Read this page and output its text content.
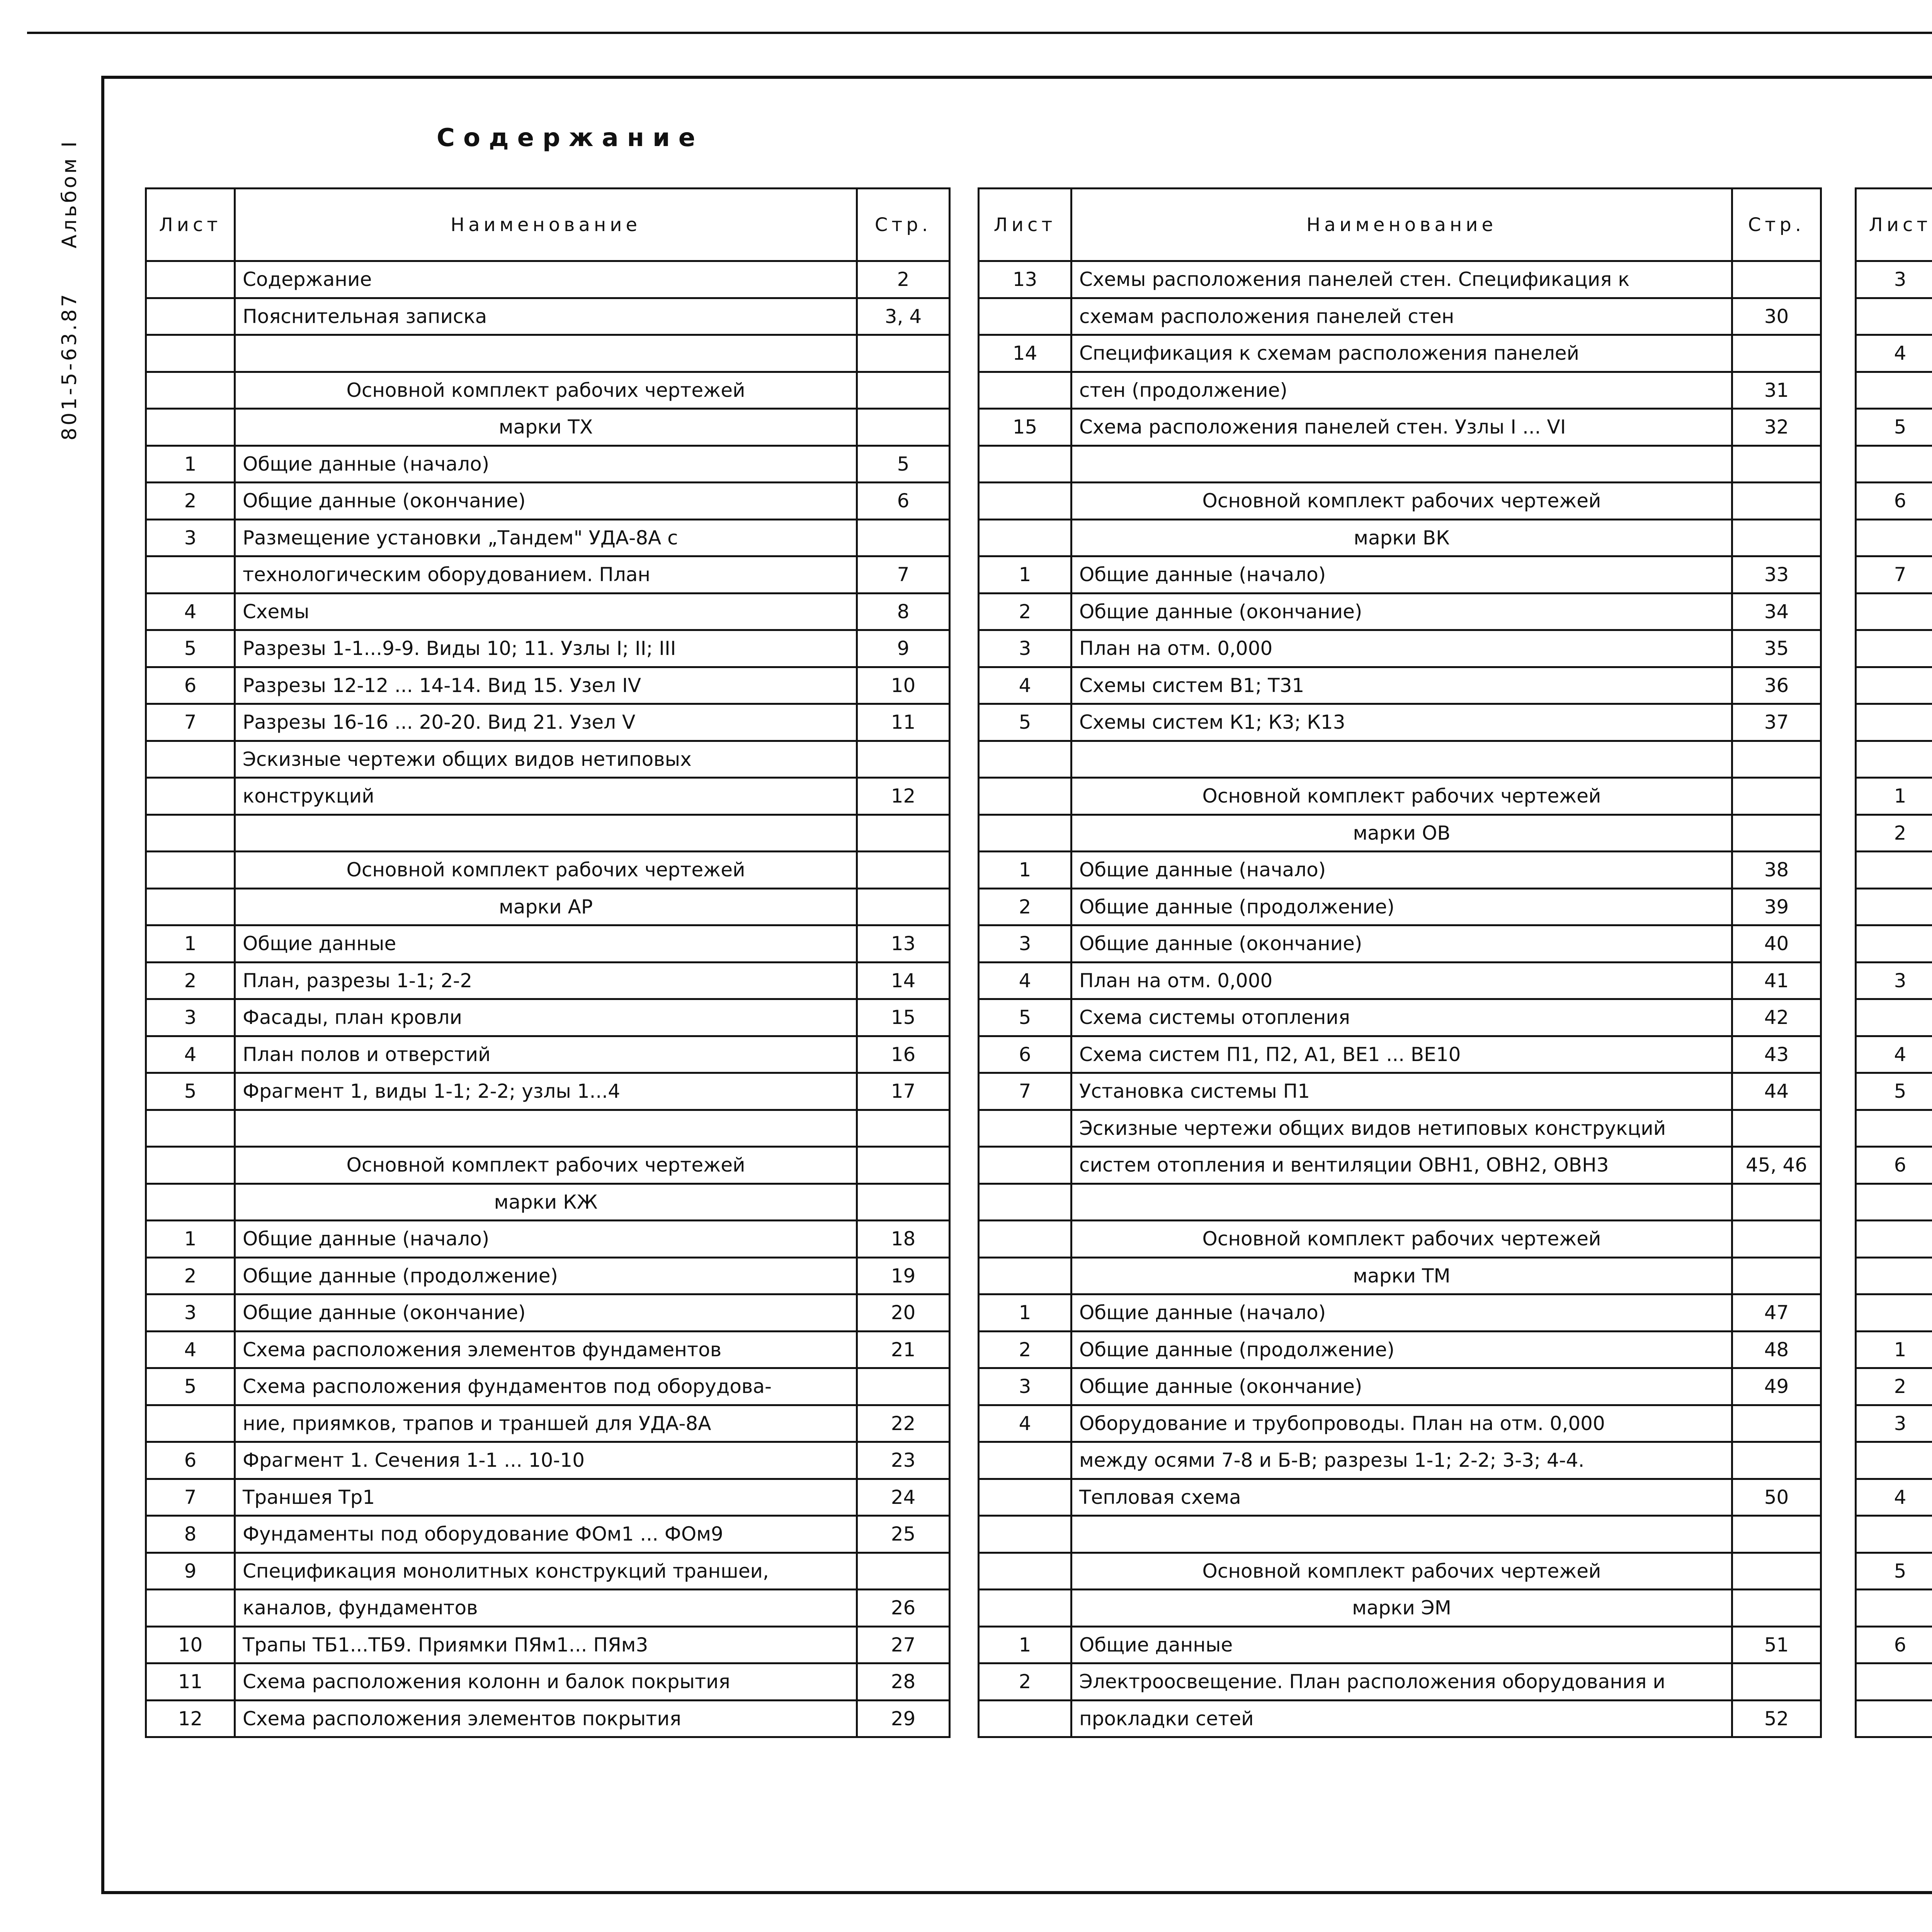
801-5-63.87 Альбом I
Содержание
Лист	Наименование	Стр.
	Содержание	2
	Пояснительная записка	3, 4

	Основной комплект рабочих чертежей	
	марки ТХ	
1	Общие данные (начало)	5
2	Общие данные (окончание)	6
3	Размещение установки „Тандем" УДА-8А с	
	технологическим оборудованием. План	7
4	Схемы	8
5	Разрезы 1-1...9-9. Виды 10; 11. Узлы I; II; III	9
6	Разрезы 12-12 ... 14-14. Вид 15. Узел IV	10
7	Разрезы 16-16 ... 20-20. Вид 21. Узел V	11
	Эскизные чертежи общих видов нетиповых	
	конструкций	12

	Основной комплект рабочих чертежей	
	марки АР	
1	Общие данные	13
2	План, разрезы 1-1; 2-2	14
3	Фасады, план кровли	15
4	План полов и отверстий	16
5	Фрагмент 1, виды 1-1; 2-2; узлы 1...4	17

	Основной комплект рабочих чертежей	
	марки КЖ	
1	Общие данные (начало)	18
2	Общие данные (продолжение)	19
3	Общие данные (окончание)	20
4	Схема расположения элементов фундаментов	21
5	Схема расположения фундаментов под оборудова-	
	ние, приямков, трапов и траншей для УДА-8А	22
6	Фрагмент 1. Сечения 1-1 ... 10-10	23
7	Траншея Тр1	24
8	Фундаменты под оборудование ФОм1 ... ФОм9	25
9	Спецификация монолитных конструкций траншеи,	
	каналов, фундаментов	26
10	Трапы ТБ1...ТБ9. Приямки ПЯм1... ПЯм3	27
11	Схема расположения колонн и балок покрытия	28
12	Схема расположения элементов покрытия	29
Лист	Наименование	Стр.
13	Схемы расположения панелей стен. Спецификация к	
	схемам расположения панелей стен	30
14	Спецификация к схемам расположения панелей	
	стен (продолжение)	31
15	Схема расположения панелей стен. Узлы I ... VI	32

	Основной комплект рабочих чертежей	
	марки ВК	
1	Общие данные (начало)	33
2	Общие данные (окончание)	34
3	План на отм. 0,000	35
4	Схемы систем В1; Т31	36
5	Схемы систем К1; К3; К13	37

	Основной комплект рабочих чертежей	
	марки ОВ	
1	Общие данные (начало)	38
2	Общие данные (продолжение)	39
3	Общие данные (окончание)	40
4	План на отм. 0,000	41
5	Схема системы отопления	42
6	Схема систем П1, П2, А1, ВЕ1 ... ВЕ10	43
7	Установка системы П1	44
	Эскизные чертежи общих видов нетиповых конструкций	
	систем отопления и вентиляции ОВН1, ОВН2, ОВН3	45, 46

	Основной комплект рабочих чертежей	
	марки ТМ	
1	Общие данные (начало)	47
2	Общие данные (продолжение)	48
3	Общие данные (окончание)	49
4	Оборудование и трубопроводы. План на отм. 0,000	
	между осями 7-8 и Б-В; разрезы 1-1; 2-2; 3-3; 4-4.	
	Тепловая схема	50

	Основной комплект рабочих чертежей	
	марки ЭМ	
1	Общие данные	51
2	Электроосвещение. План расположения оборудования и	
	прокладки сетей	52
Лист		
3		

4		

5		

6		

7		

1		
2		

3		

4		
5		

6		

1		
2		
3		

4		

5		

6		
